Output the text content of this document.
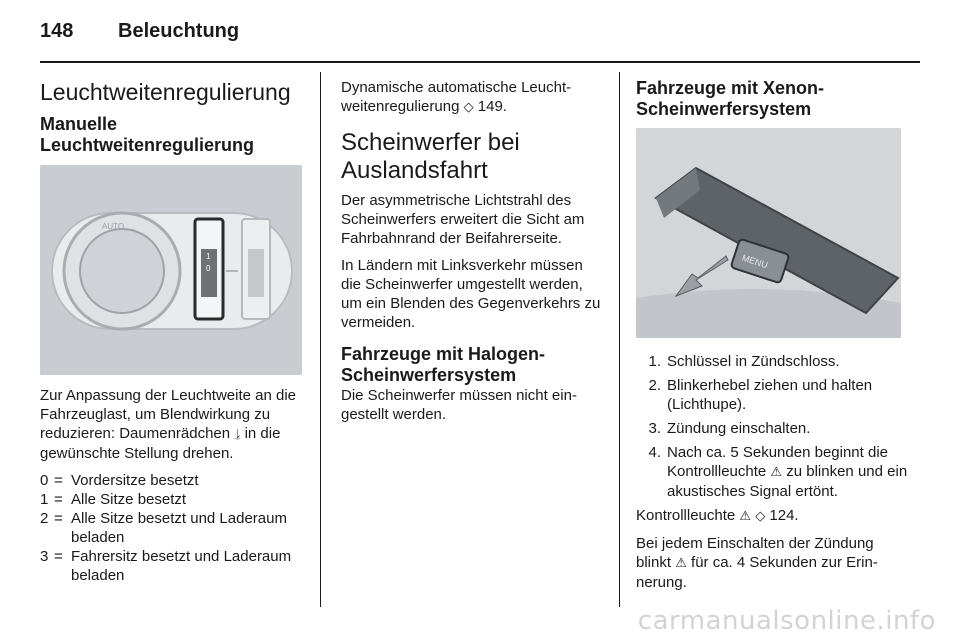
148 Beleuchtung
Leuchtweitenregulierung
Manuelle
Leuchtweitenregulierung
AUTO
1
0

Zur Anpassung der Leuchtweite an die Fahrzeuglast, um Blendwirkung zu reduzieren: Daumenrädchen ⥕ in die gewünschte Stellung drehen.

0 = Vordersitze besetzt
1 = Alle Sitze besetzt
2 = Alle Sitze besetzt und Laderaum beladen
3 = Fahrersitz besetzt und Laderaum beladen

Dynamische automatische Leucht-weitenregulierung ◇ 149.

Scheinwerfer bei Auslandsfahrt

Der asymmetrische Lichtstrahl des Scheinwerfers erweitert die Sicht am Fahrbahnrand der Beifahrerseite.

In Ländern mit Linksverkehr müssen die Scheinwerfer umgestellt werden, um ein Blenden des Gegenverkehrs zu vermeiden.

Fahrzeuge mit Halogen-Scheinwerfersystem

Die Scheinwerfer müssen nicht ein-gestellt werden.

Fahrzeuge mit Xenon-Scheinwerfersystem
MENU
1. Schlüssel in Zündschloss.
2. Blinkerhebel ziehen und halten (Lichthupe).
3. Zündung einschalten.
4. Nach ca. 5 Sekunden beginnt die Kontrollleuchte ⚠ zu blinken und ein akustisches Signal ertönt.

Kontrollleuchte ⚠ ◇ 124.

Bei jedem Einschalten der Zündung blinkt ⚠ für ca. 4 Sekunden zur Erin-nerung.

carmanualsonline.info
